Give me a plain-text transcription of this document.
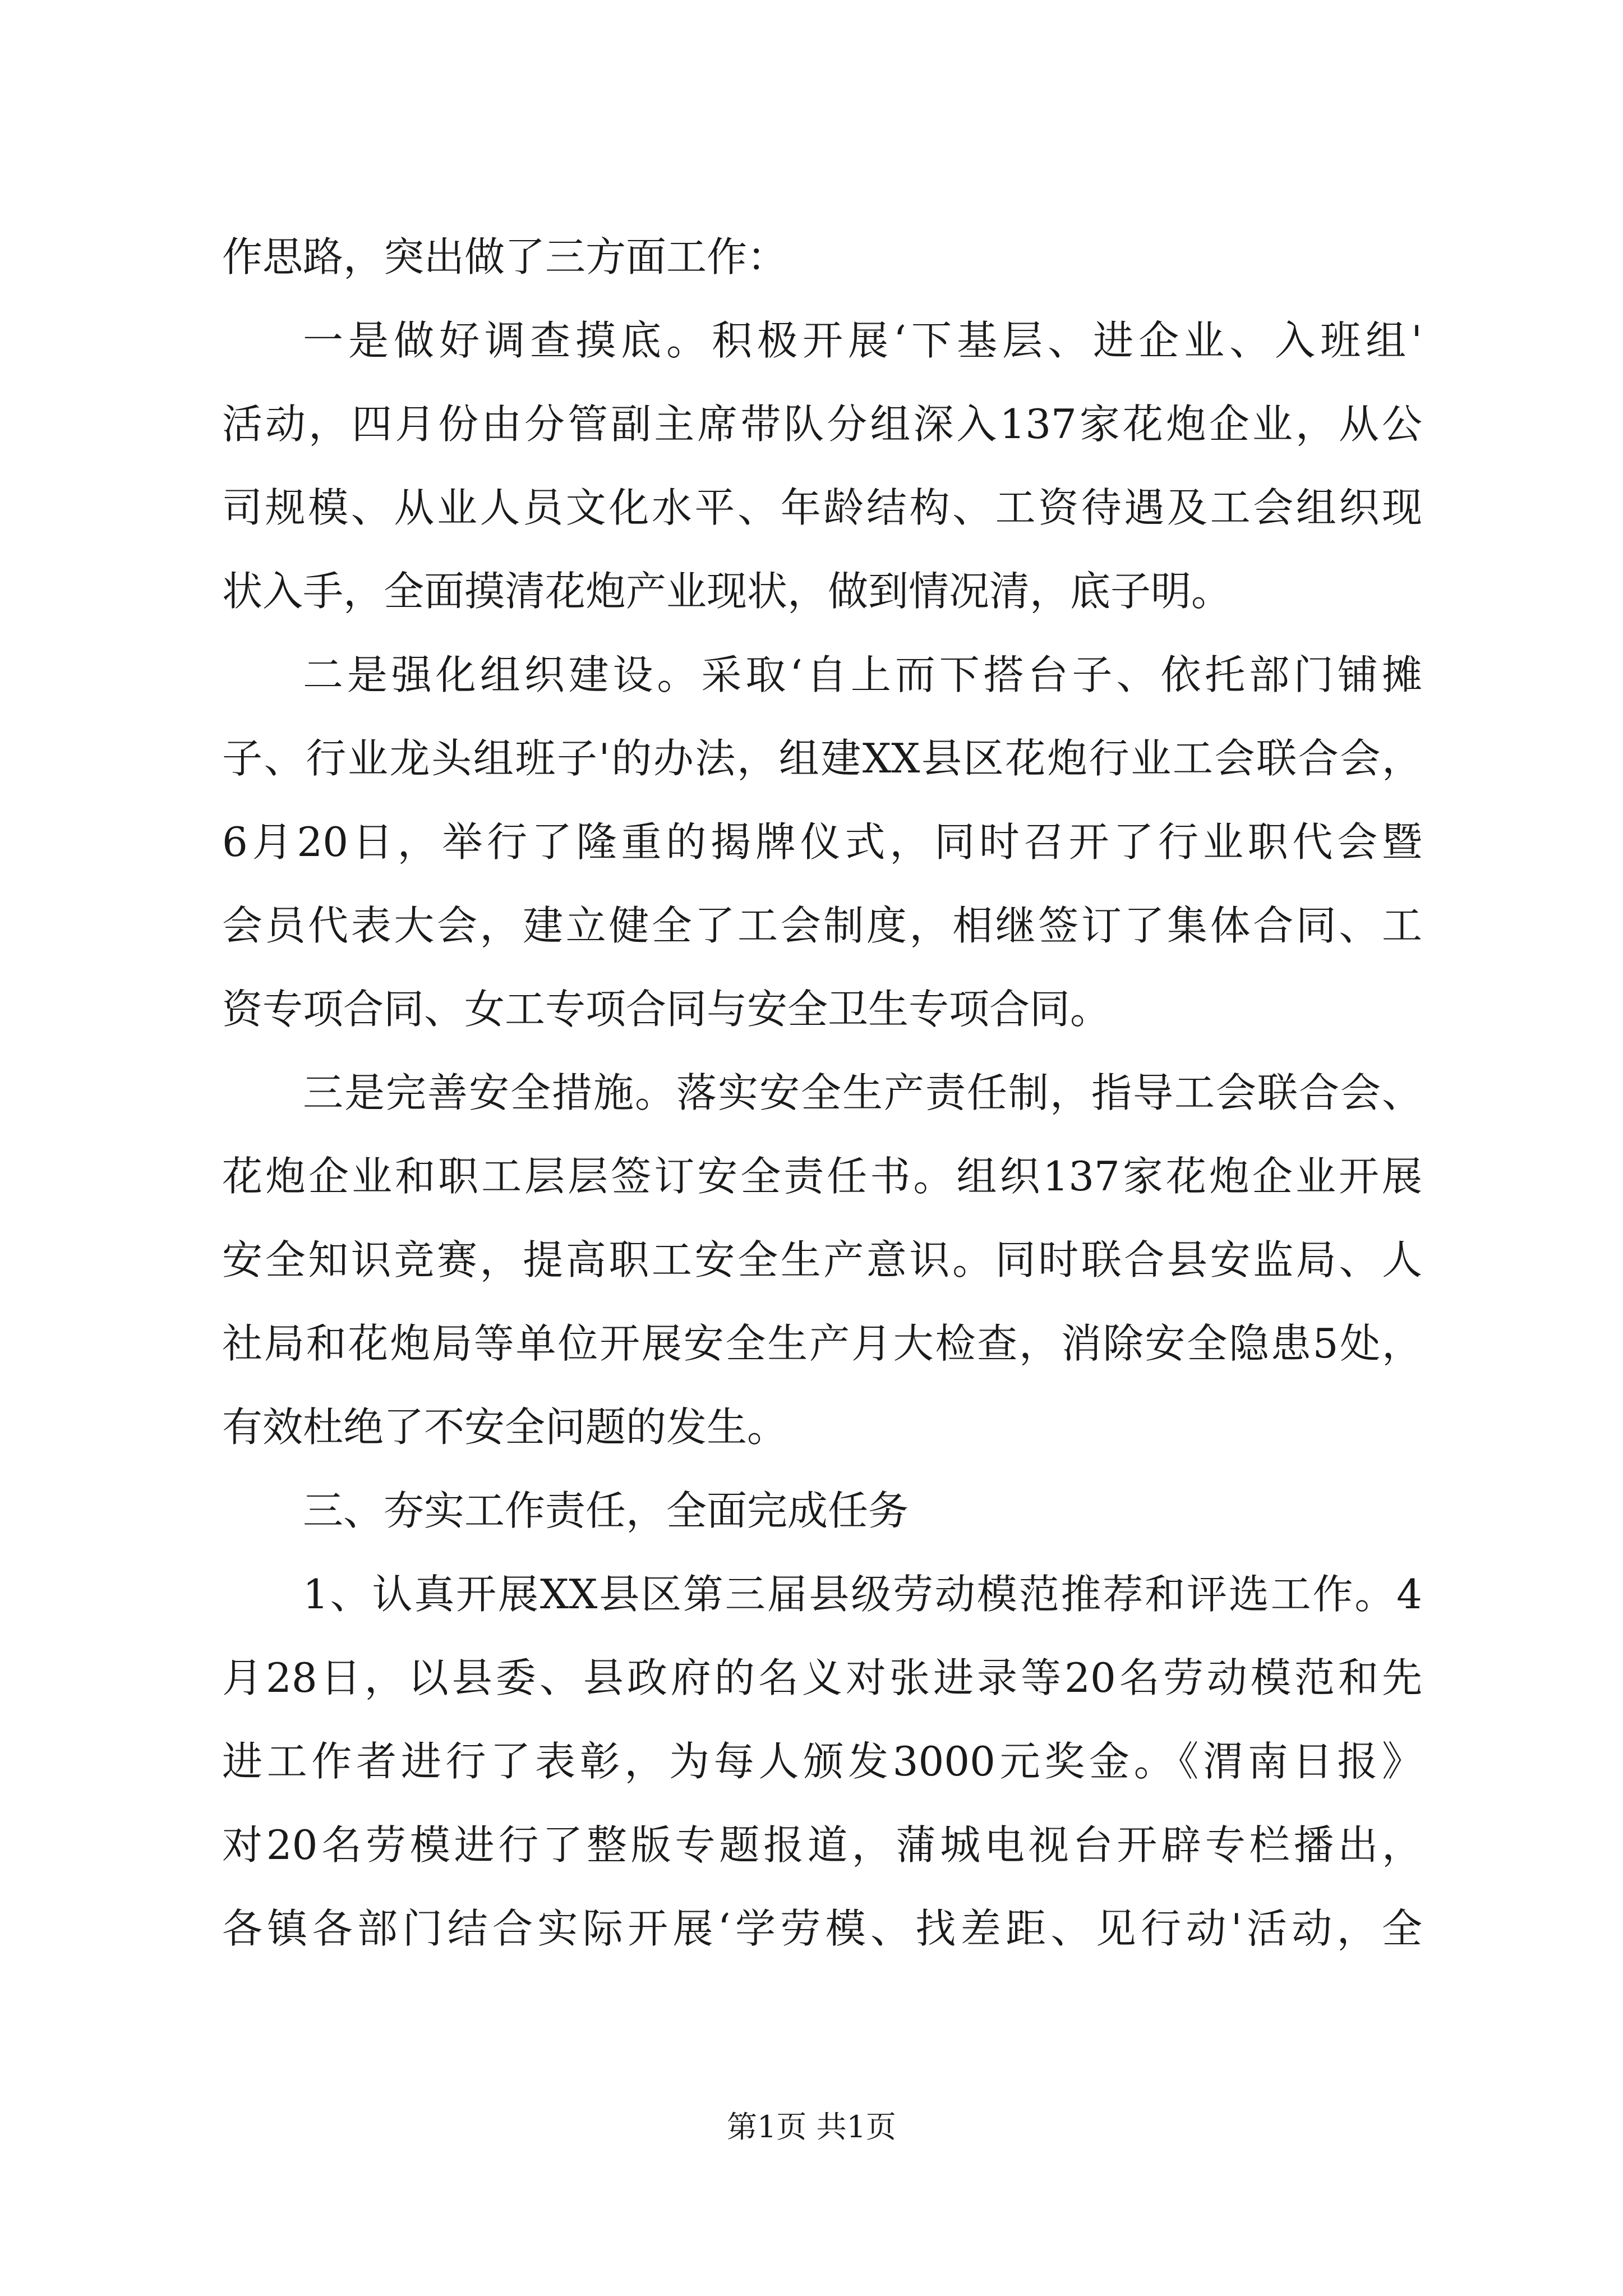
作思路，突出做了三方面工作：
一是做好调查摸底。积极开展‘下基层、进企业、入班组'
活动，四月份由分管副主席带队分组深入137家花炮企业，从公
司规模、从业人员文化水平、年龄结构、工资待遇及工会组织现
状入手，全面摸清花炮产业现状，做到情况清，底子明。
二是强化组织建设。采取‘自上而下搭台子、依托部门铺摊
子、行业龙头组班子'的办法，组建XX县区花炮行业工会联合会，
6月20日，举行了隆重的揭牌仪式，同时召开了行业职代会暨
会员代表大会，建立健全了工会制度，相继签订了集体合同、工
资专项合同、女工专项合同与安全卫生专项合同。
三是完善安全措施。落实安全生产责任制，指导工会联合会、
花炮企业和职工层层签订安全责任书。组织137家花炮企业开展
安全知识竞赛，提高职工安全生产意识。同时联合县安监局、人
社局和花炮局等单位开展安全生产月大检查，消除安全隐患5处，
有效杜绝了不安全问题的发生。
三、夯实工作责任，全面完成任务
1、认真开展XX县区第三届县级劳动模范推荐和评选工作。4
月28日，以县委、县政府的名义对张进录等20名劳动模范和先
进工作者进行了表彰，为每人颁发3000元奖金。《渭南日报》
对20名劳模进行了整版专题报道，蒲城电视台开辟专栏播出，
各镇各部门结合实际开展‘学劳模、找差距、见行动'活动，全
第1页 共1页
